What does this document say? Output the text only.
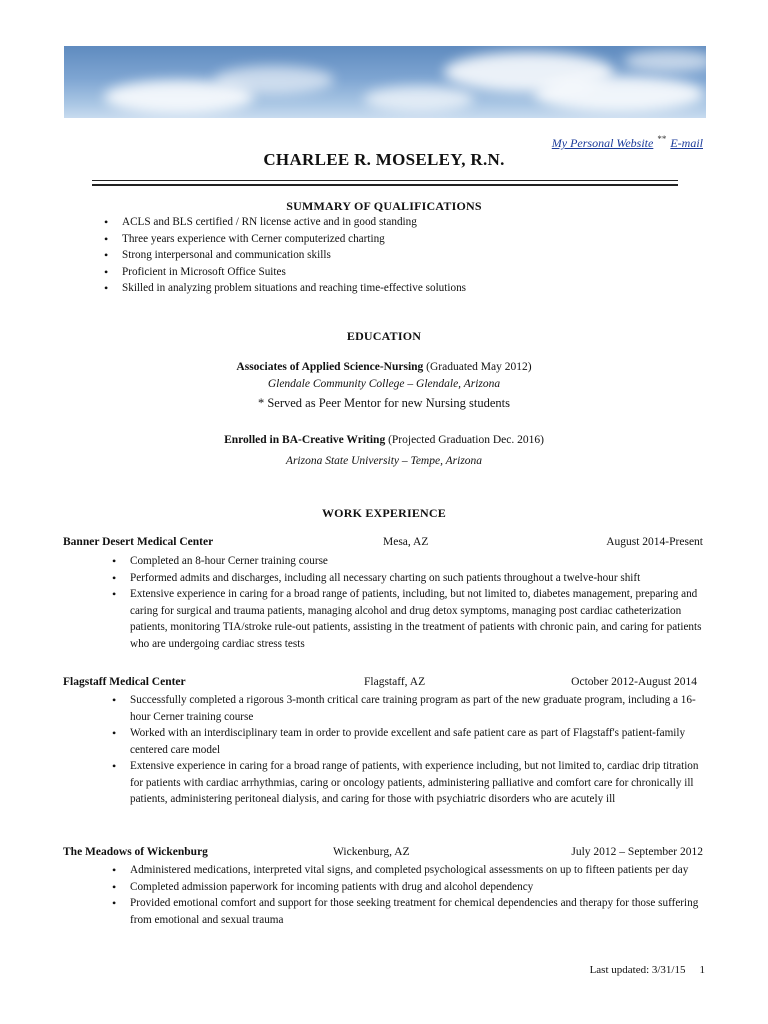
My Personal Website ** E-mail
CHARLEE R. MOSELEY, R.N.
SUMMARY OF QUALIFICATIONS
• ACLS and BLS certified / RN license active and in good standing
• Three years experience with Cerner computerized charting
• Strong interpersonal and communication skills
• Proficient in Microsoft Office Suites
• Skilled in analyzing problem situations and reaching time-effective solutions
EDUCATION
Associates of Applied Science-Nursing (Graduated May 2012)
Glendale Community College – Glendale, Arizona
* Served as Peer Mentor for new Nursing students
Enrolled in BA-Creative Writing (Projected Graduation Dec. 2016)
Arizona State University – Tempe, Arizona
WORK EXPERIENCE
Banner Desert Medical Center	Mesa, AZ	August 2014-Present
• Completed an 8-hour Cerner training course
• Performed admits and discharges, including all necessary charting on such patients throughout a twelve-hour shift
• Extensive experience in caring for a broad range of patients, including, but not limited to, diabetes management, preparing and caring for surgical and trauma patients, managing alcohol and drug detox symptoms, managing post cardiac catheterization patients, monitoring TIA/stroke rule-out patients, assisting in the treatment of patients with chronic pain, and caring for patients who are undergoing cardiac stress tests
Flagstaff Medical Center	Flagstaff, AZ	October 2012-August 2014
• Successfully completed a rigorous 3-month critical care training program as part of the new graduate program, including a 16-hour Cerner training course
• Worked with an interdisciplinary team in order to provide excellent and safe patient care as part of Flagstaff's patient-family centered care model
• Extensive experience in caring for a broad range of patients, with experience including, but not limited to, cardiac drip titration for patients with cardiac arrhythmias, caring or oncology patients, administering palliative and comfort care for chronically ill patients, administering peritoneal dialysis, and caring for those with psychiatric disorders who are acutely ill
The Meadows of Wickenburg	Wickenburg, AZ	July 2012 – September 2012
• Administered medications, interpreted vital signs, and completed psychological assessments on up to fifteen patients per day
• Completed admission paperwork for incoming patients with drug and alcohol dependency
• Provided emotional comfort and support for those seeking treatment for chemical dependencies and therapy for those suffering from emotional and sexual trauma
Last updated: 3/31/15 1
